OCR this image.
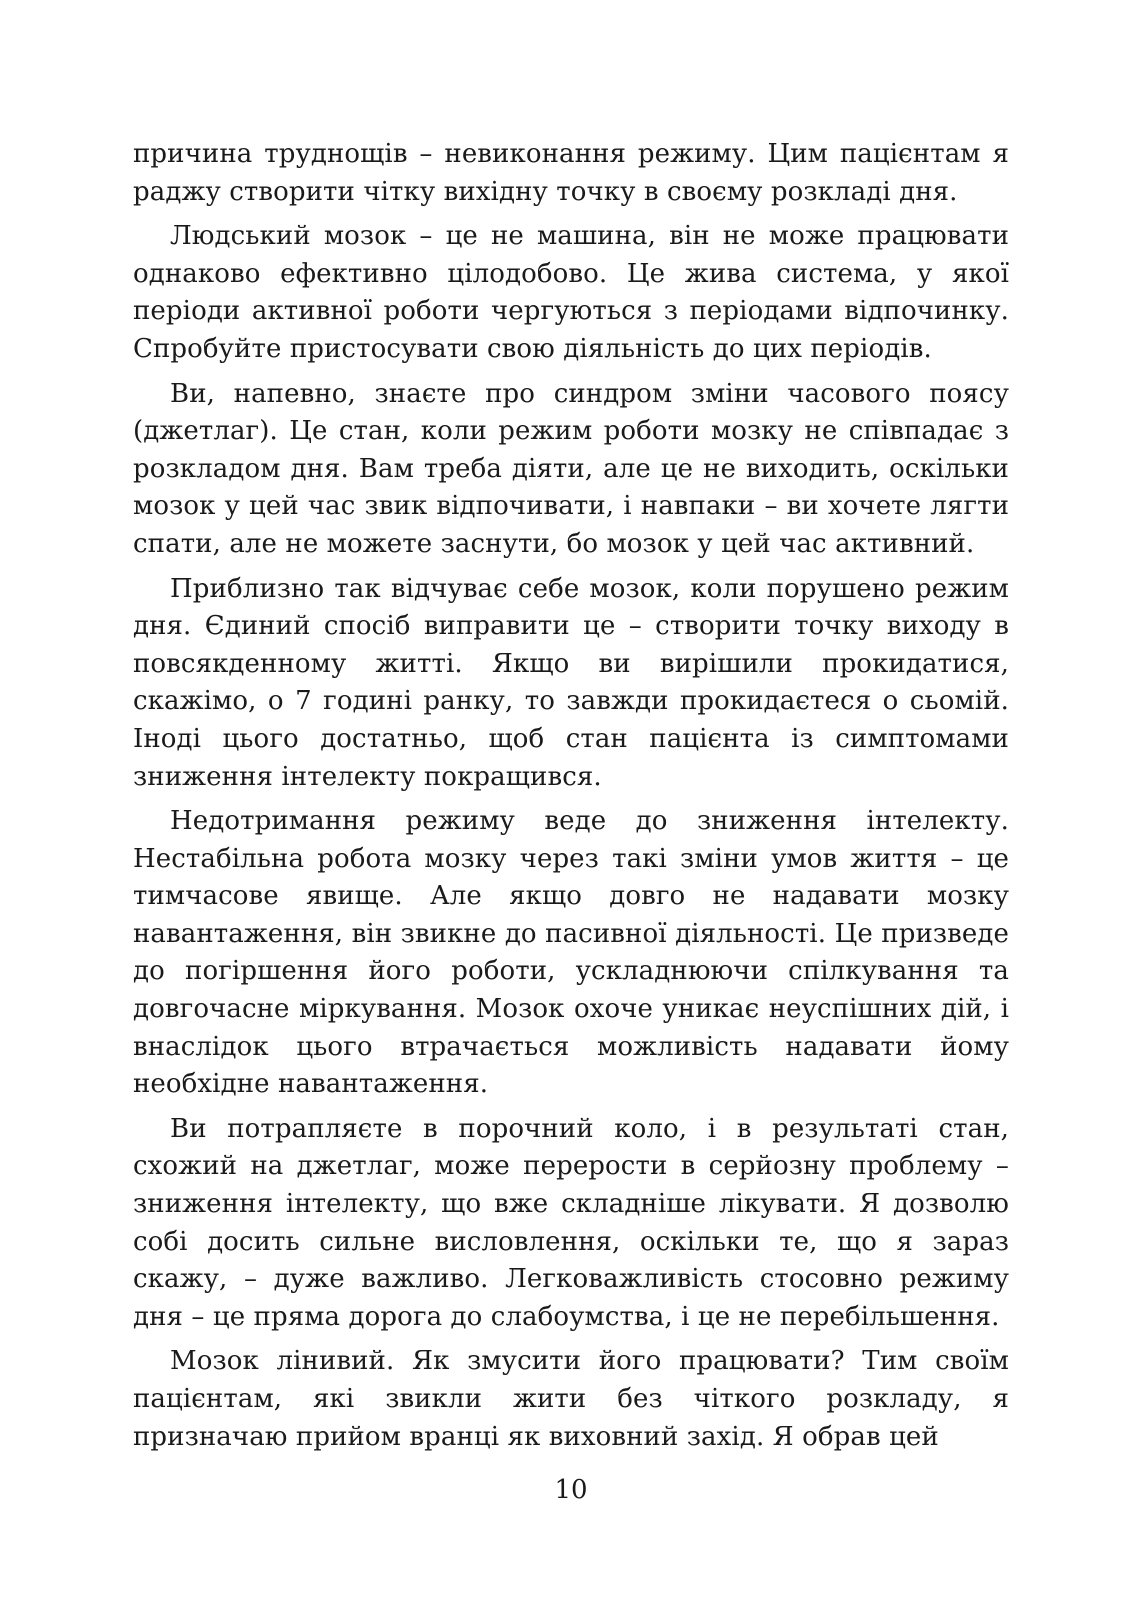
причина труднощів – невиконання режиму. Цим пацієнтам я раджу створити чітку вихідну точку в своєму розкладі дня.

Людський мозок – це не машина, він не може працювати однаково ефективно цілодобово. Це жива система, у якої періоди активної роботи чергуються з періодами відпочинку. Спробуйте пристосувати свою діяльність до цих періодів.

Ви, напевно, знаєте про синдром зміни часового поясу (джетлаг). Це стан, коли режим роботи мозку не співпадає з розкладом дня. Вам треба діяти, але це не виходить, оскільки мозок у цей час звик відпочивати, і навпаки – ви хочете лягти спати, але не можете заснути, бо мозок у цей час активний.

Приблизно так відчуває себе мозок, коли порушено режим дня. Єдиний спосіб виправити це – створити точку виходу в повсякденному житті. Якщо ви вирішили прокидатися, скажімо, о 7 годині ранку, то завжди прокидаєтеся о сьомій. Іноді цього достатньо, щоб стан пацієнта із симптомами зниження інтелекту покращився.

Недотримання режиму веде до зниження інтелекту. Нестабільна робота мозку через такі зміни умов життя – це тимчасове явище. Але якщо довго не надавати мозку навантаження, він звикне до пасивної діяльності. Це призведе до погіршення його роботи, ускладнюючи спілкування та довгочасне міркування. Мозок охоче уникає неуспішних дій, і внаслідок цього втрачається можливість надавати йому необхідне навантаження.

Ви потрапляєте в порочний коло, і в результаті стан, схожий на джетлаг, може перерости в серйозну проблему – зниження інтелекту, що вже складніше лікувати. Я дозволю собі досить сильне висловлення, оскільки те, що я зараз скажу, – дуже важливо. Легковажливість стосовно режиму дня – це пряма дорога до слабоумства, і це не перебільшення.

Мозок лінивий. Як змусити його працювати? Тим своїм пацієнтам, які звикли жити без чіткого розкладу, я призначаю прийом вранці як виховний захід. Я обрав цей

10
